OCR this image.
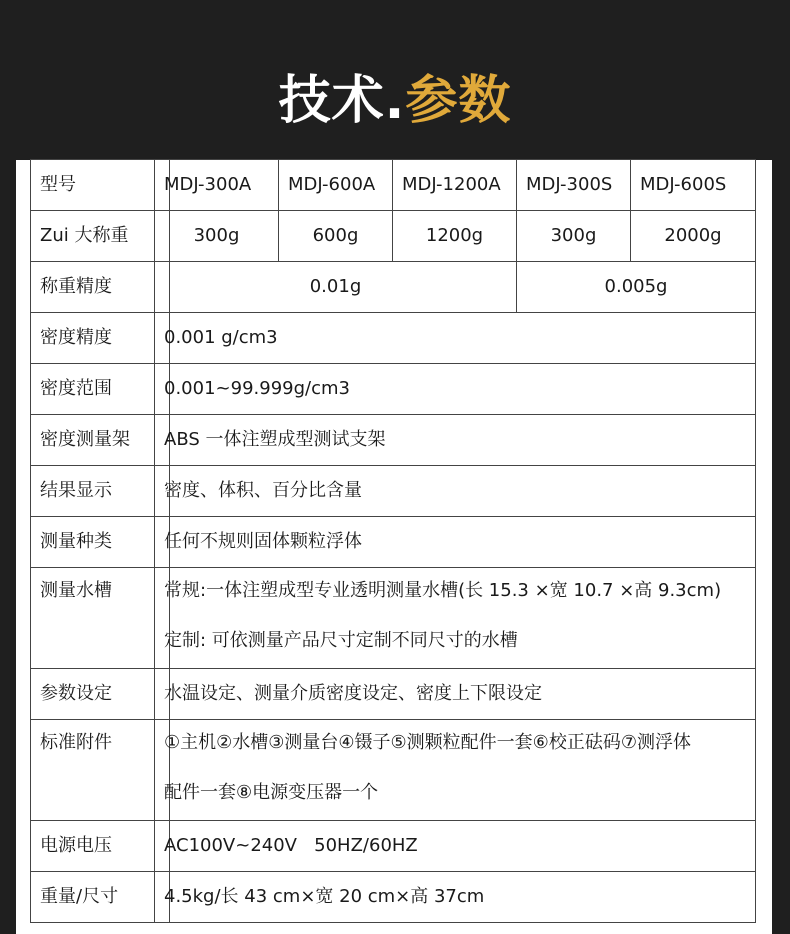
技术.参数
型号	MDJ-300A	MDJ-600A	MDJ-1200A	MDJ-300S	MDJ-600S
Zui 大称重	300g	600g	1200g	300g	2000g
称重精度	0.01g	0.005g
密度精度	0.001 g/cm3
密度范围	0.001~99.999g/cm3
密度测量架	ABS 一体注塑成型测试支架
结果显示	密度、体积、百分比含量
测量种类	任何不规则固体颗粒浮体
测量水槽	常规:一体注塑成型专业透明测量水槽(长 15.3 ×宽 10.7 ×高 9.3cm)
定制: 可依测量产品尺寸定制不同尺寸的水槽
参数设定	水温设定、测量介质密度设定、密度上下限设定
标准附件	①主机②水槽③测量台④镊子⑤测颗粒配件一套⑥校正砝码⑦测浮体
配件一套⑧电源变压器一个
电源电压	AC100V~240V   50HZ/60HZ
重量/尺寸	4.5kg/长 43 cm×宽 20 cm×高 37cm
